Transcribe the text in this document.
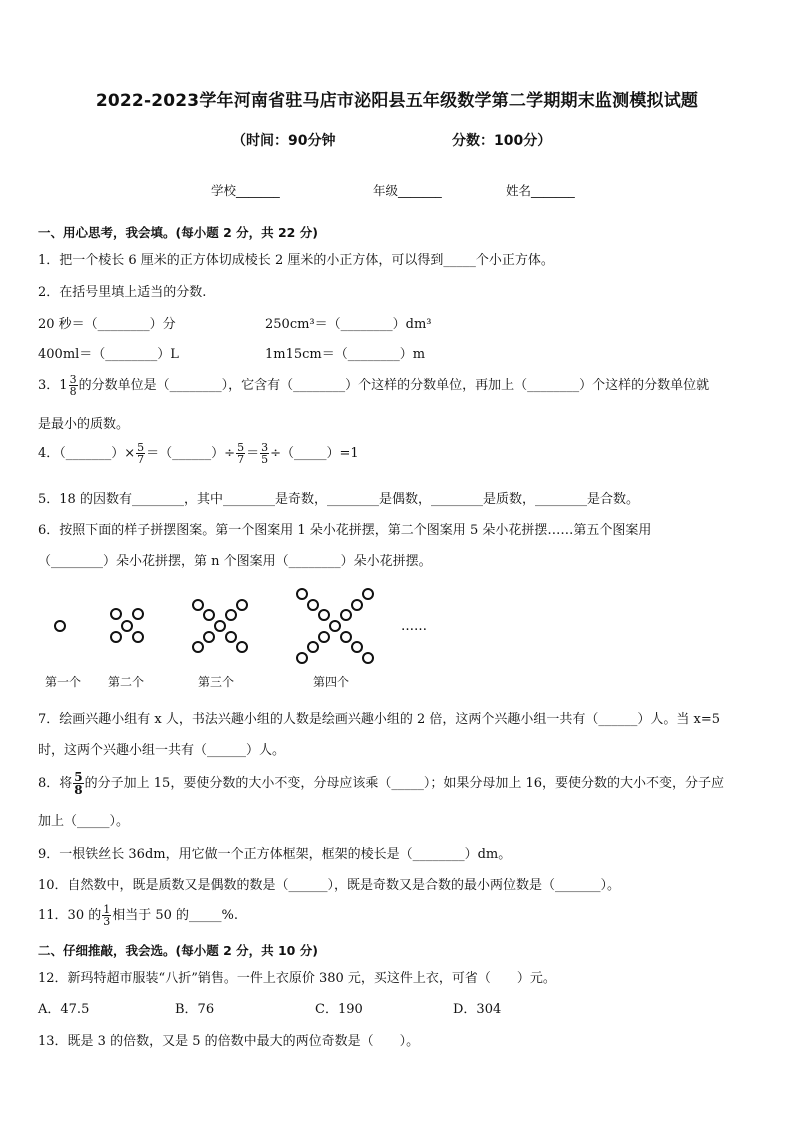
2022-2023学年河南省驻马店市泌阳县五年级数学第二学期期末监测模拟试题
（时间：90分钟	分数：100分）
学校_______	年级_______	姓名_______
一、用心思考，我会填。(每小题 2 分，共 22 分)
1．把一个棱长 6 厘米的正方体切成棱长 2 厘米的小正方体，可以得到_____个小正方体。
2．在括号里填上适当的分数.
20 秒＝（________）分	250cm³＝（________）dm³
400ml＝（________）L	1m15cm＝（________）m
3．$1 \frac{3}{8}$ 的分数单位是（________），它含有（________）个这样的分数单位，再加上（________）个这样的分数单位就
是最小的质数。
4．（_______）× $\frac{5}{7}$ ＝（______）÷ $\frac{5}{7} = \frac{3}{5}$ ÷（_____）=1
5．18 的因数有________，其中________是奇数，________是偶数，________是质数，________是合数。
6．按照下面的样子拼摆图案。第一个图案用 1 朵小花拼摆，第二个图案用 5 朵小花拼摆……第五个图案用
（________）朵小花拼摆，第 n 个图案用（________）朵小花拼摆。
……
第一个 第二个	第三个	第四个
7．绘画兴趣小组有 x 人，书法兴趣小组的人数是绘画兴趣小组的 2 倍，这两个兴趣小组一共有（______）人。当 x=5
时，这两个兴趣小组一共有（______）人。
8．将 $\frac{5}{8}$ 的分子加上 15，要使分数的大小不变，分母应该乘（_____）；如果分母加上 16，要使分数的大小不变，分子应
加上（_____）。
9．一根铁丝长 36dm，用它做一个正方体框架，框架的棱长是（________）dm。
10．自然数中，既是质数又是偶数的数是（______），既是奇数又是合数的最小两位数是（_______）。
11．30 的 $\frac{1}{3}$ 相当于 50 的_____%.
二、仔细推敲，我会选。(每小题 2 分，共 10 分)
12．新玛特超市服装“八折”销售。一件上衣原价 380 元，买这件上衣，可省（　　）元。
A．47.5	B．76	C．190	D．304
13．既是 3 的倍数，又是 5 的倍数中最大的两位奇数是（　　）。
